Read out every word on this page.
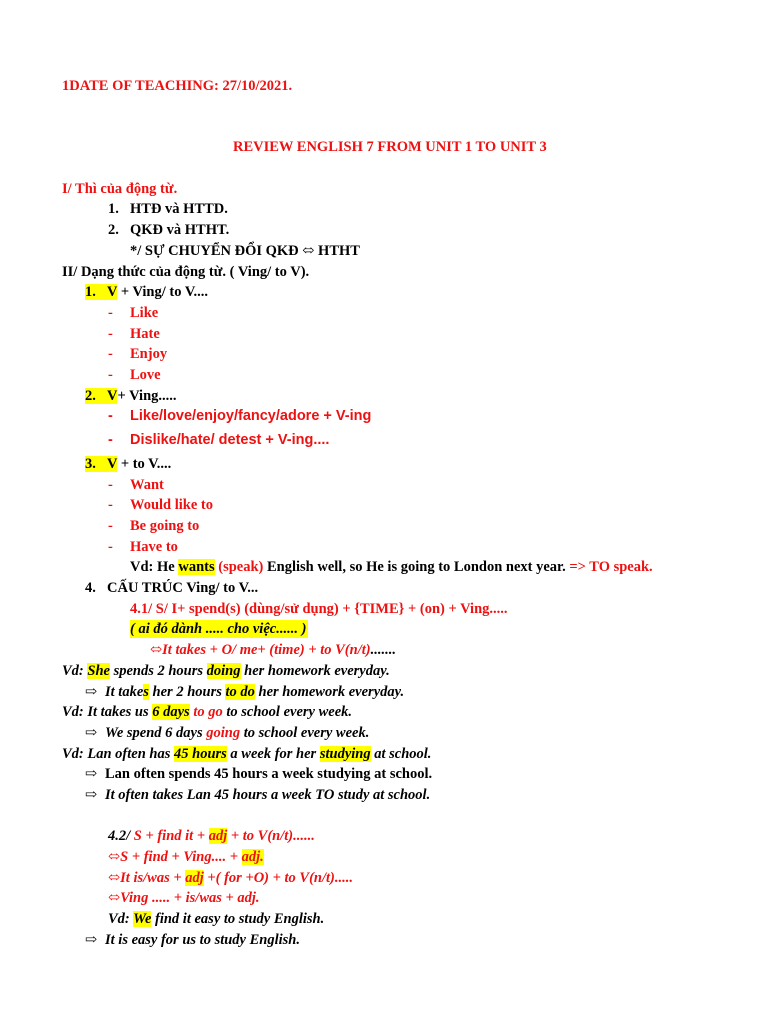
1DATE OF TEACHING: 27/10/2021.
REVIEW ENGLISH 7 FROM UNIT 1 TO UNIT 3
I/ Thì của động từ.
1. HTĐ và HTTD.
2. QKĐ và HTHT.
*/ SỰ CHUYỂN ĐỔI QKĐ ⬄ HTHT
II/ Dạng thức của động từ. ( Ving/ to V).
1. V + Ving/ to V....
- Like
- Hate
- Enjoy
- Love
2. V+ Ving.....
- Like/love/enjoy/fancy/adore + V-ing
- Dislike/hate/ detest + V-ing....
3. V + to V....
- Want
- Would like to
- Be going to
- Have to
Vd: He wants (speak) English well, so He is going to London next year. => TO speak.
4. CẤU TRÚC Ving/ to V...
4.1/ S/ I+ spend(s) (dùng/sử dụng) + {TIME} + (on) + Ving.....
( ai đó dành ..... cho việc...... )
⬄It takes + O/ me+ (time) + to V(n/t).......
Vd: She spends 2 hours doing her homework everyday.
⇨ It takes her 2 hours to do her homework everyday.
Vd: It takes us 6 days to go to school every week.
⇨ We spend 6 days going to school every week.
Vd: Lan often has 45 hours a week for her studying at school.
⇨ Lan often spends 45 hours a week studying at school.
⇨ It often takes Lan 45 hours a week TO study at school.
4.2/ S + find it + adj + to V(n/t)......
⬄S + find + Ving.... + adj.
⬄It is/was + adj +( for +O) + to V(n/t).....
⬄Ving ..... + is/was + adj.
Vd: We find it easy to study English.
⇨ It is easy for us to study English.
